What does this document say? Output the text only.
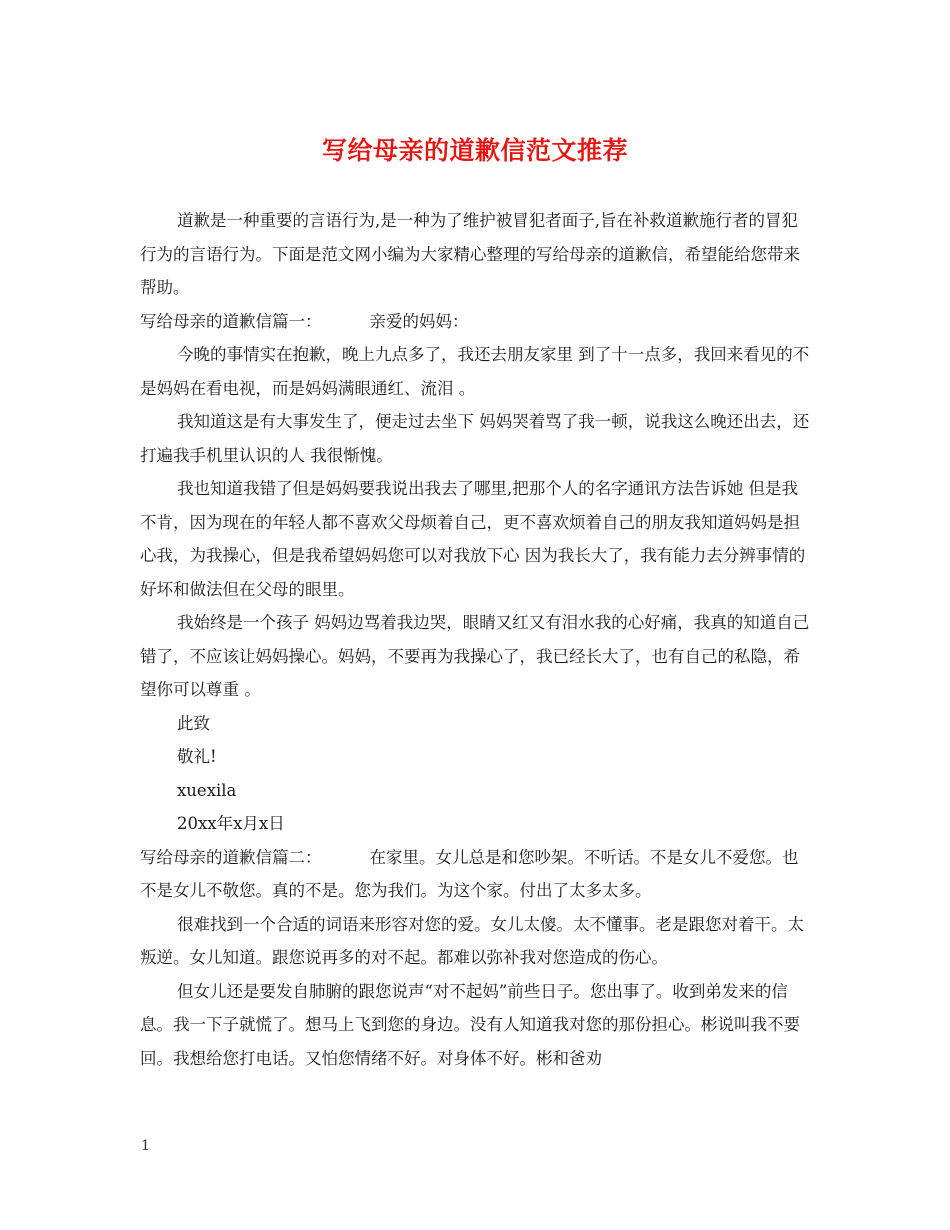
写给母亲的道歉信范文推荐

道歉是一种重要的言语行为,是一种为了维护被冒犯者面子,旨在补救道歉施行者的冒犯行为的言语行为。下面是范文网小编为大家精心整理的写给母亲的道歉信，希望能给您带来帮助。

写给母亲的道歉信篇一：	亲爱的妈妈：

今晚的事情实在抱歉，晚上九点多了，我还去朋友家里 到了十一点多，我回来看见的不是妈妈在看电视，而是妈妈满眼通红、流泪 。

我知道这是有大事发生了，便走过去坐下 妈妈哭着骂了我一顿，说我这么晚还出去，还打遍我手机里认识的人 我很惭愧。

我也知道我错了但是妈妈要我说出我去了哪里,把那个人的名字通讯方法告诉她 但是我不肯，因为现在的年轻人都不喜欢父母烦着自己，更不喜欢烦着自己的朋友我知道妈妈是担心我，为我操心，但是我希望妈妈您可以对我放下心 因为我长大了，我有能力去分辨事情的好坏和做法但在父母的眼里。

我始终是一个孩子 妈妈边骂着我边哭，眼睛又红又有泪水我的心好痛，我真的知道自己错了，不应该让妈妈操心。妈妈，不要再为我操心了，我已经长大了，也有自己的私隐，希望你可以尊重 。

此致

敬礼!

xuexila

20xx年x月x日

写给母亲的道歉信篇二：	在家里。女儿总是和您吵架。不听话。不是女儿不爱您。也不是女儿不敬您。真的不是。您为我们。为这个家。付出了太多太多。

很难找到一个合适的词语来形容对您的爱。女儿太傻。太不懂事。老是跟您对着干。太叛逆。女儿知道。跟您说再多的对不起。都难以弥补我对您造成的伤心。

但女儿还是要发自肺腑的跟您说声“对不起妈”前些日子。您出事了。收到弟发来的信息。我一下子就慌了。想马上飞到您的身边。没有人知道我对您的那份担心。彬说叫我不要回。我想给您打电话。又怕您情绪不好。对身体不好。彬和爸劝

1
